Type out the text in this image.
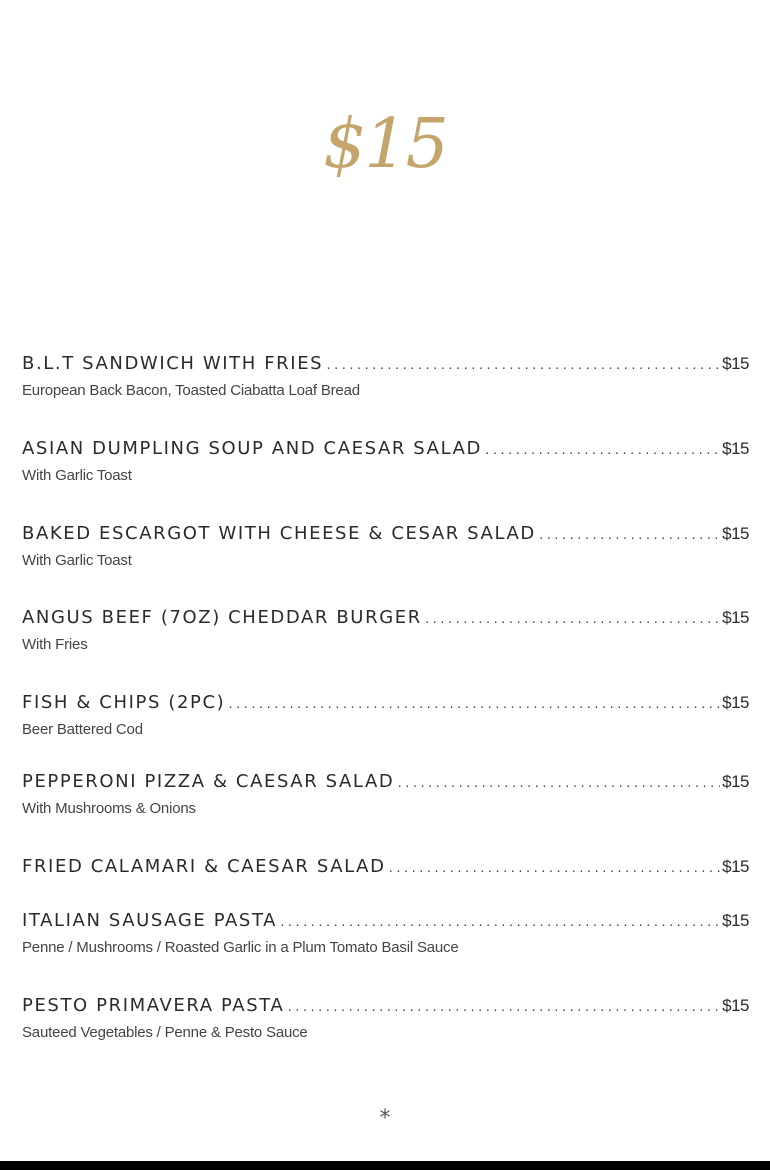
$15
B.L.T SANDWICH WITH FRIES .....	$15
European Back Bacon, Toasted Ciabatta Loaf Bread
ASIAN DUMPLING SOUP AND CAESAR SALAD .....	$15
With Garlic Toast
BAKED ESCARGOT WITH CHEESE & CESAR SALAD .....	$15
With Garlic Toast
ANGUS BEEF (7OZ) CHEDDAR BURGER .....	$15
With Fries
FISH & CHIPS (2PC) .....	$15
Beer Battered Cod
PEPPERONI PIZZA & CAESAR SALAD .....	$15
With Mushrooms & Onions
FRIED CALAMARI & CAESAR SALAD .....	$15
ITALIAN SAUSAGE PASTA .....	$15
Penne / Mushrooms / Roasted Garlic in a Plum Tomato Basil Sauce
PESTO PRIMAVERA PASTA .....	$15
Sauteed Vegetables / Penne & Pesto Sauce
*
